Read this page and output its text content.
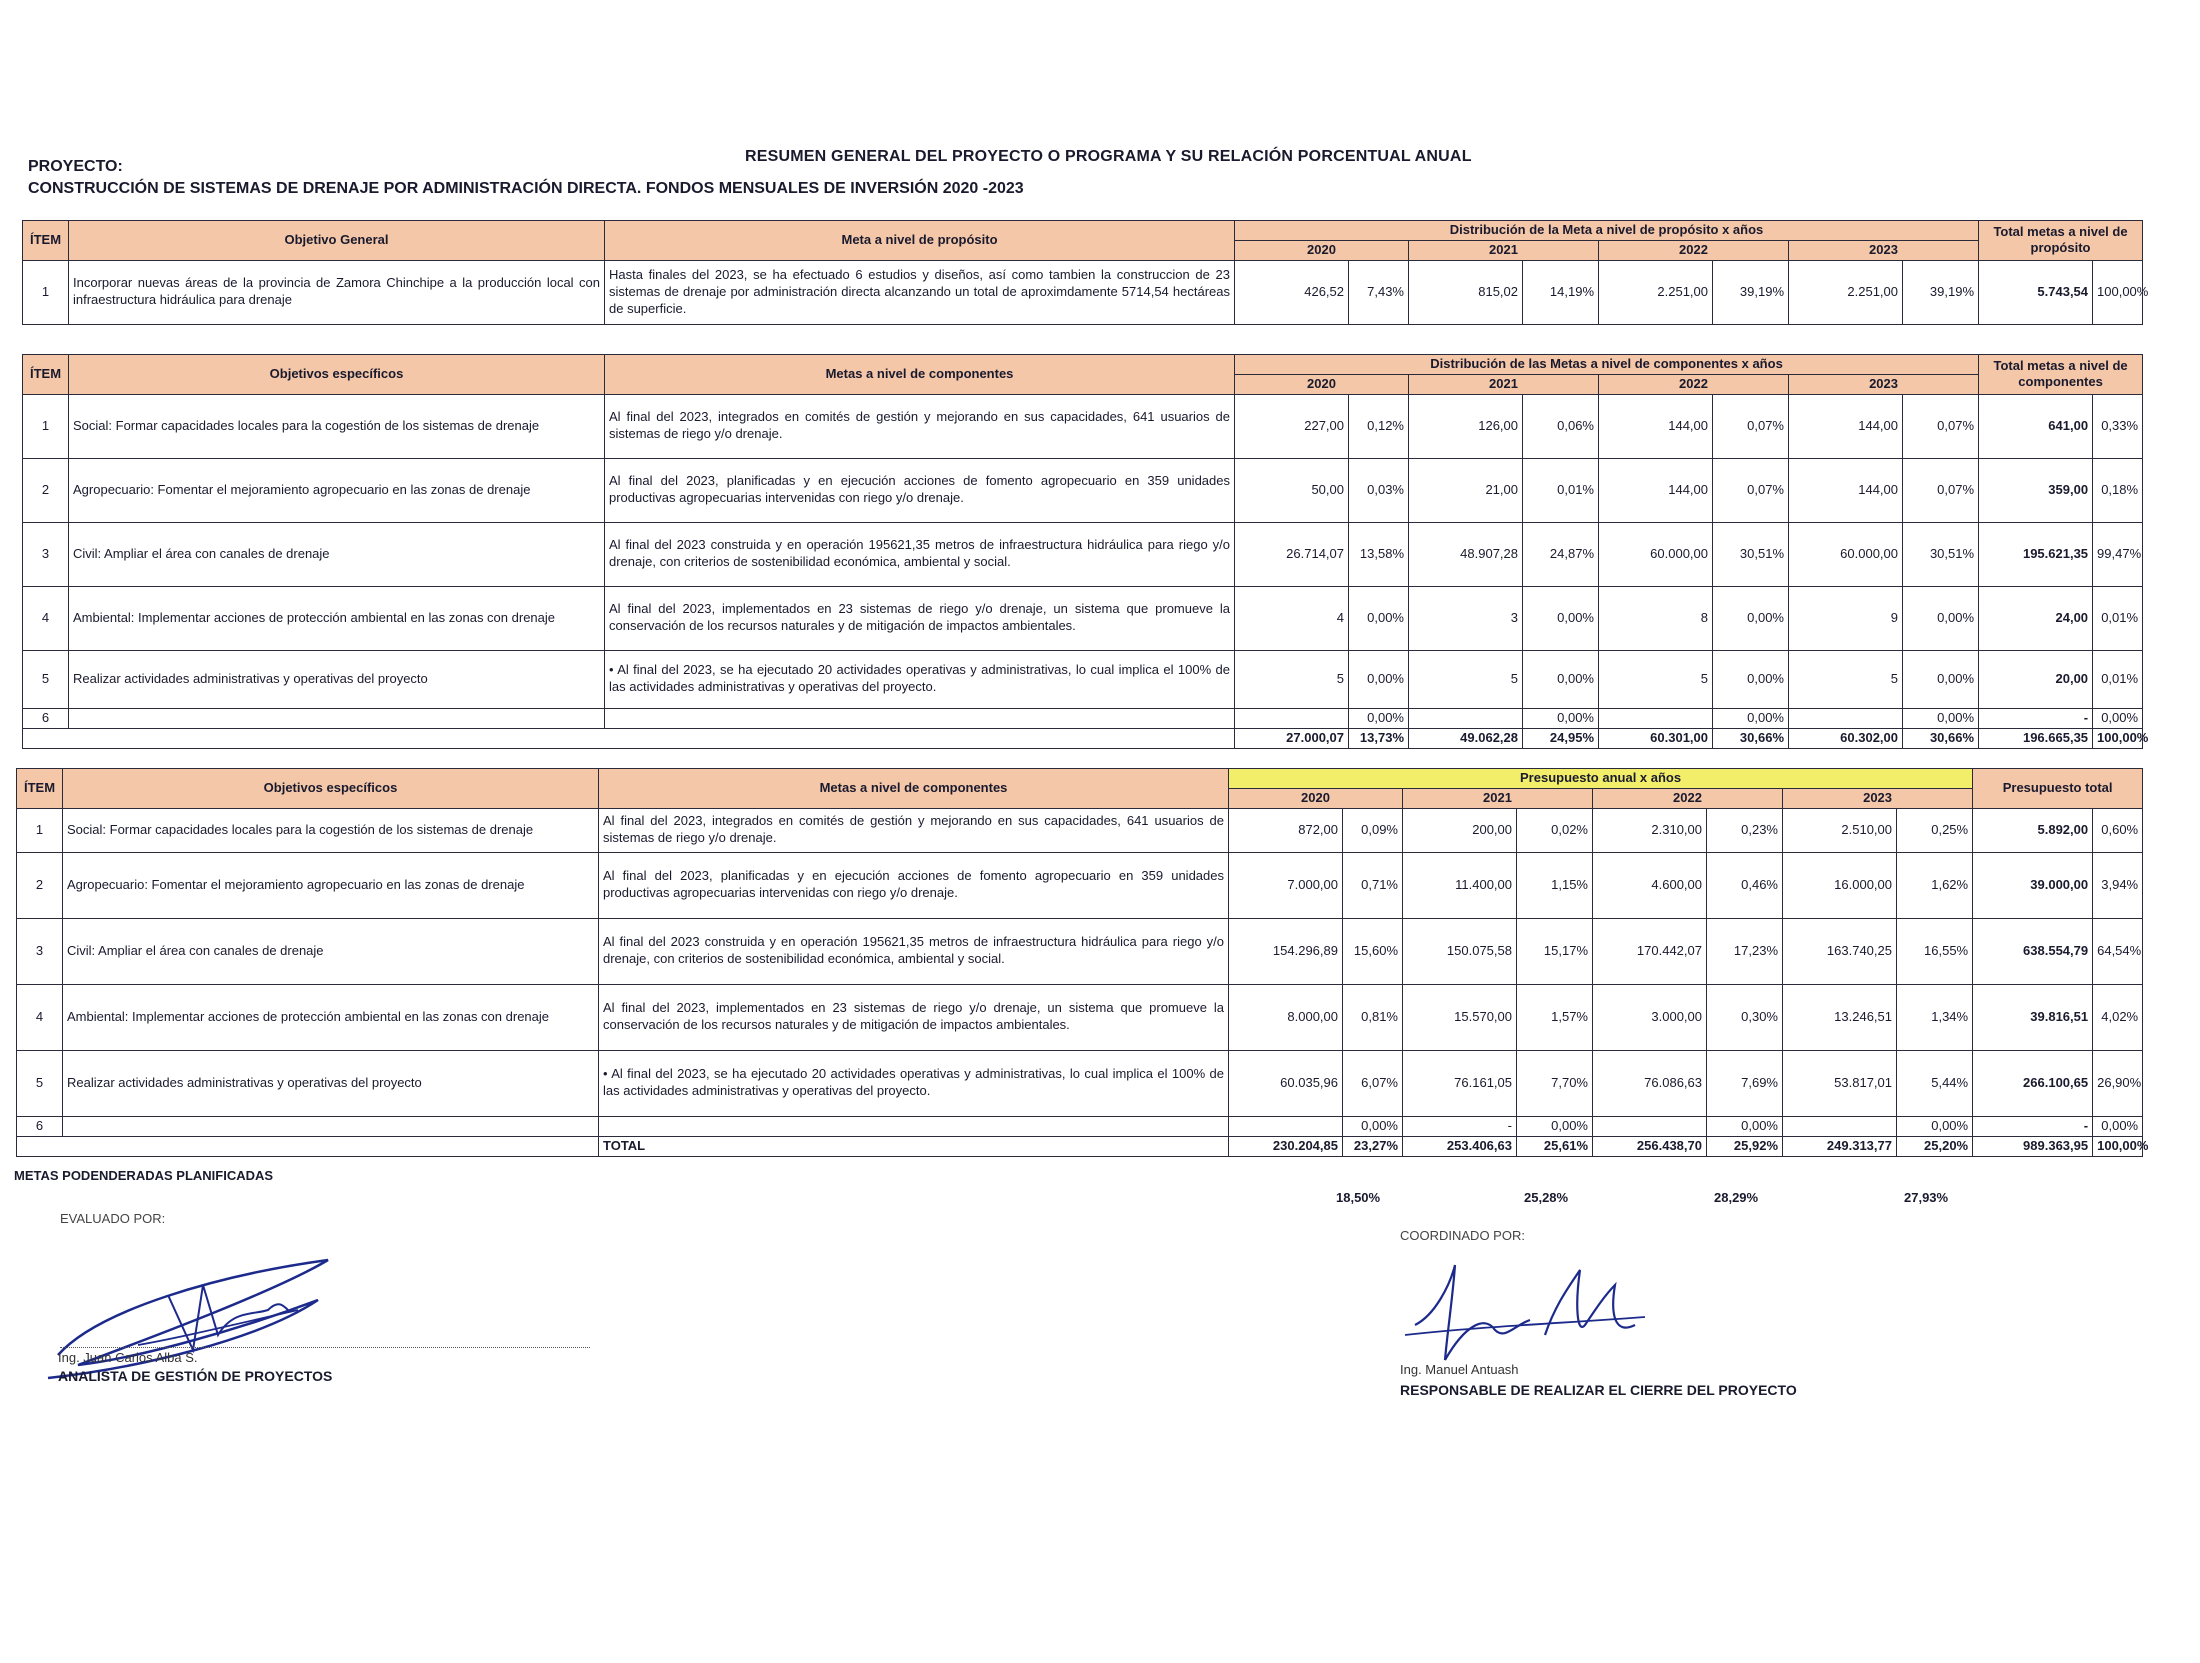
RESUMEN GENERAL DEL PROYECTO O PROGRAMA Y SU RELACIÓN PORCENTUAL ANUAL
PROYECTO:
CONSTRUCCIÓN DE SISTEMAS DE DRENAJE POR ADMINISTRACIÓN DIRECTA. FONDOS MENSUALES DE INVERSIÓN 2020 -2023
ÍTEM	Objetivo General	Meta a nivel de propósito	Distribución de la Meta a nivel de propósito x años								Total metas a nivel de propósito	
			2020		2021		2022		2023			
1	Incorporar nuevas áreas de la provincia de Zamora Chinchipe a la producción local con infraestructura hidráulica para drenaje	Hasta finales del 2023, se ha efectuado 6 estudios y diseños, así como tambien la construccion de 23 sistemas de drenaje por administración directa alcanzando un total de aproximdamente 5714,54 hectáreas de superficie.	426,52	7,43%	815,02	14,19%	2.251,00	39,19%	2.251,00	39,19%	5.743,54	100,00%
ÍTEM	Objetivos específicos	Metas a nivel de componentes	Distribución de las Metas a nivel de componentes x años								Total metas a nivel de componentes	
			2020		2021		2022		2023			
1	Social: Formar capacidades locales para la cogestión de los sistemas de drenaje	Al final del 2023, integrados en comités de gestión y mejorando en sus capacidades, 641 usuarios de sistemas de riego y/o drenaje.	227,00	0,12%	126,00	0,06%	144,00	0,07%	144,00	0,07%	641,00	0,33%
2	Agropecuario: Fomentar el mejoramiento agropecuario en las zonas de drenaje	Al final del 2023, planificadas y en ejecución acciones de fomento agropecuario en 359 unidades productivas agropecuarias intervenidas con riego y/o drenaje.	50,00	0,03%	21,00	0,01%	144,00	0,07%	144,00	0,07%	359,00	0,18%
3	Civil: Ampliar el área con canales de drenaje	Al final del 2023 construida y en operación 195621,35 metros de infraestructura hidráulica para riego y/o drenaje, con criterios de sostenibilidad económica, ambiental y social.	26.714,07	13,58%	48.907,28	24,87%	60.000,00	30,51%	60.000,00	30,51%	195.621,35	99,47%
4	Ambiental: Implementar acciones de protección ambiental en las zonas con drenaje	Al final del 2023, implementados en 23 sistemas de riego y/o drenaje, un sistema que promueve la conservación de los recursos naturales y de mitigación de impactos ambientales.	4	0,00%	3	0,00%	8	0,00%	9	0,00%	24,00	0,01%
5	Realizar actividades administrativas y operativas del proyecto	• Al final del 2023, se ha ejecutado 20 actividades operativas y administrativas, lo cual implica el 100% de las actividades administrativas y operativas del proyecto.	5	0,00%	5	0,00%	5	0,00%	5	0,00%	20,00	0,01%
6				0,00%		0,00%		0,00%		0,00%	-	0,00%
			27.000,07	13,73%	49.062,28	24,95%	60.301,00	30,66%	60.302,00	30,66%	196.665,35	100,00%
ÍTEM	Objetivos específicos	Metas a nivel de componentes	Presupuesto anual x años								Presupuesto total	
			2020		2021		2022		2023			
1	Social: Formar capacidades locales para la cogestión de los sistemas de drenaje	Al final del 2023, integrados en comités de gestión y mejorando en sus capacidades, 641 usuarios de sistemas de riego y/o drenaje.	872,00	0,09%	200,00	0,02%	2.310,00	0,23%	2.510,00	0,25%	5.892,00	0,60%
2	Agropecuario: Fomentar el mejoramiento agropecuario en las zonas de drenaje	Al final del 2023, planificadas y en ejecución acciones de fomento agropecuario en 359 unidades productivas agropecuarias intervenidas con riego y/o drenaje.	7.000,00	0,71%	11.400,00	1,15%	4.600,00	0,46%	16.000,00	1,62%	39.000,00	3,94%
3	Civil: Ampliar el área con canales de drenaje	Al final del 2023 construida y en operación 195621,35 metros de infraestructura hidráulica para riego y/o drenaje, con criterios de sostenibilidad económica, ambiental y social.	154.296,89	15,60%	150.075,58	15,17%	170.442,07	17,23%	163.740,25	16,55%	638.554,79	64,54%
4	Ambiental: Implementar acciones de protección ambiental en las zonas con drenaje	Al final del 2023, implementados en 23 sistemas de riego y/o drenaje, un sistema que promueve la conservación de los recursos naturales y de mitigación de impactos ambientales.	8.000,00	0,81%	15.570,00	1,57%	3.000,00	0,30%	13.246,51	1,34%	39.816,51	4,02%
5	Realizar actividades administrativas y operativas del proyecto	• Al final del 2023, se ha ejecutado 20 actividades operativas y administrativas, lo cual implica el 100% de las actividades administrativas y operativas del proyecto.	60.035,96	6,07%	76.161,05	7,70%	76.086,63	7,69%	53.817,01	5,44%	266.100,65	26,90%
6				0,00%	-	0,00%		0,00%		0,00%	-	0,00%
		TOTAL	230.204,85	23,27%	253.406,63	25,61%	256.438,70	25,92%	249.313,77	25,20%	989.363,95	100,00%
METAS PODENDERADAS PLANIFICADAS
18,50%	25,28%	28,29%	27,93%
EVALUADO POR:
Ing. Juan Carlos Alba S.
ANALISTA DE GESTIÓN DE PROYECTOS
COORDINADO POR:
Ing. Manuel Antuash
RESPONSABLE DE REALIZAR EL CIERRE DEL PROYECTO
